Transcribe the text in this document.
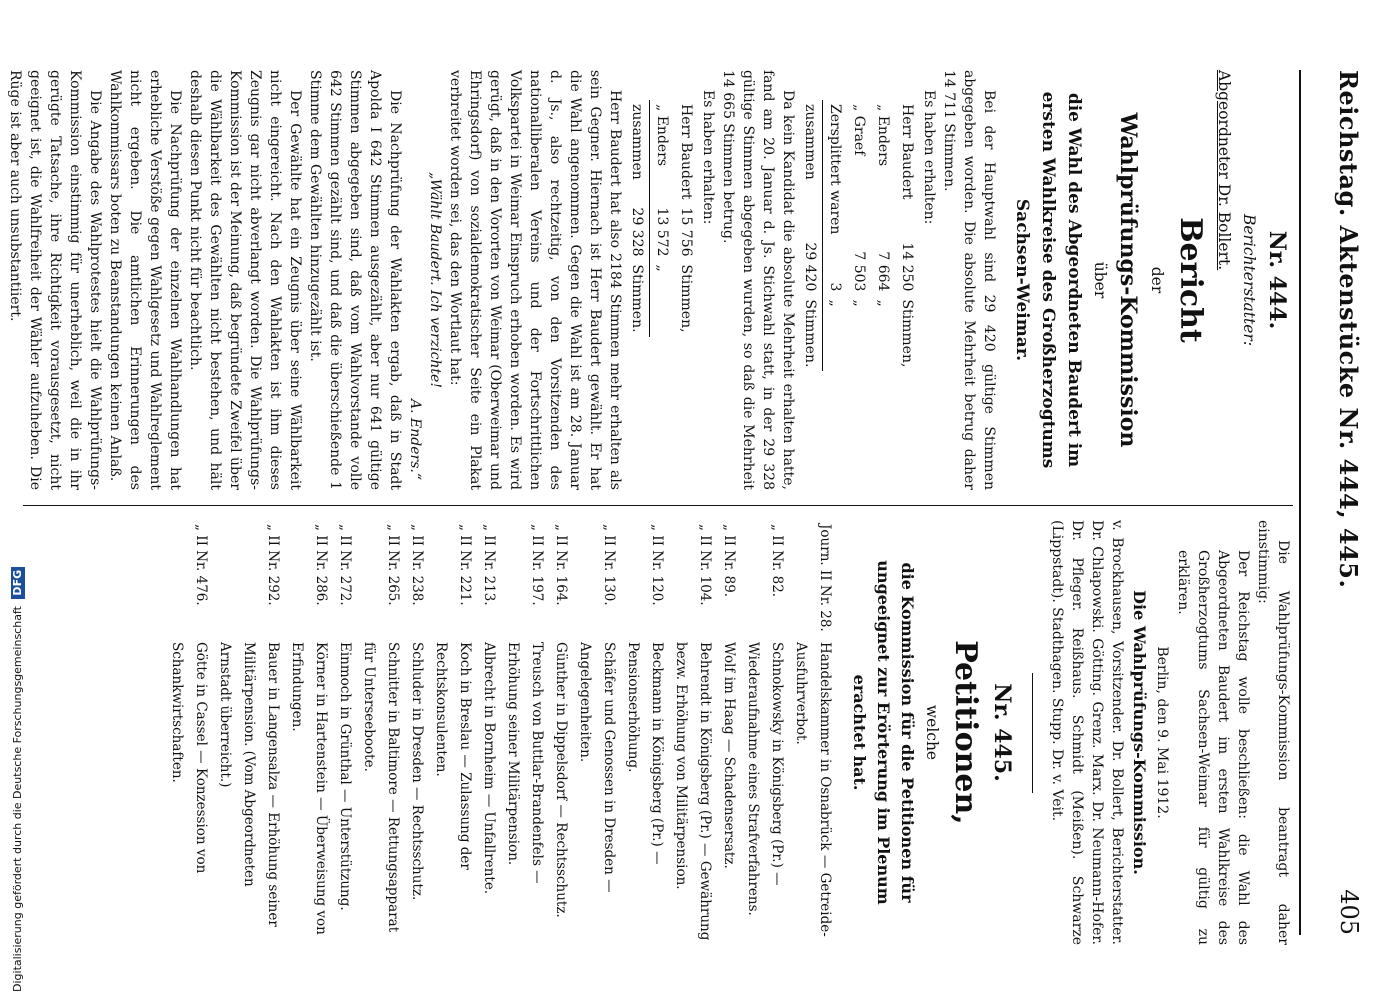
Reichstag. Aktenstücke Nr. 444, 445.
405
Nr. 444.
Berichterstatter:
Abgeordneter Dr. Bollert.
Bericht
der
Wahlprüfungs-Kommission
über
die Wahl des Abgeordneten Baudert im ersten Wahlkreise des Großherzogtums Sachsen-Weimar.
Bei der Hauptwahl sind 29 420 gültige Stimmen abgegeben worden. Die absolute Mehrheit betrug daher 14 711 Stimmen.
Es haben erhalten:
Herr Baudert	14 250	Stimmen,
„ Enders	7 664	„
„ Graef	7 503	„
Zersplittert waren	3	„
zusammen	29 420	Stimmen.
Da kein Kandidat die absolute Mehrheit erhalten hatte, fand am 20. Januar d. Js. Stichwahl statt, in der 29 328 gültige Stimmen abgegeben wurden, so daß die Mehrheit 14 665 Stimmen betrug.
Es haben erhalten:
Herr Baudert	15 756	Stimmen,
„ Enders	13 572	„
zusammen	29 328	Stimmen.
Herr Baudert hat also 2184 Stimmen mehr erhalten als sein Gegner. Hiernach ist Herr Baudert gewählt. Er hat die Wahl angenommen. Gegen die Wahl ist am 28. Januar d. Js., also rechtzeitig, von den Vorsitzenden des nationalliberalen Vereins und der Fortschrittlichen Volkspartei in Weimar Einspruch erhoben worden. Es wird gerügt, daß in den Vororten von Weimar (Oberweimar und Ehringsdorf) von sozialdemokratischer Seite ein Plakat verbreitet worden sei, das den Wortlaut hat:
„Wählt Baudert. Ich verzichte!
A. Enders.“
Die Nachprüfung der Wahlakten ergab, daß in Stadt Apolda I 642 Stimmen ausgezählt, aber nur 641 gültige Stimmen abgegeben sind, daß vom Wahlvorstande volle 642 Stimmen gezählt sind, und daß die überschießende 1 Stimme dem Gewählten hinzugezählt ist.
Der Gewählte hat ein Zeugnis über seine Wählbarkeit nicht eingereicht. Nach den Wahlakten ist ihm dieses Zeugnis gar nicht abverlangt worden. Die Wahlprüfungs-Kommission ist der Meinung, daß begründete Zweifel über die Wählbarkeit des Gewählten nicht bestehen, und hält deshalb diesen Punkt nicht für beachtlich.
Die Nachprüfung der einzelnen Wahlhandlungen hat erhebliche Verstöße gegen Wahlgesetz und Wahlreglement nicht ergeben. Die amtlichen Erinnerungen des Wahlkommissars boten zu Beanstandungen keinen Anlaß.
Die Angabe des Wahlprotestes hielt die Wahlprüfungs-Kommission einstimmig für unerheblich, weil die in ihr gerügte Tatsache, ihre Richtigkeit vorausgesetzt, nicht geeignet ist, die Wahlfreiheit der Wähler aufzuheben. Die Rüge ist aber auch unsubstantiiert.
Die Wahlprüfungs-Kommission beantragt daher einstimmig:
Der Reichstag wolle beschließen: die Wahl des Abgeordneten Baudert im ersten Wahlkreise des Großherzogtums Sachsen-Weimar für gültig zu erklären.
Berlin, den 9. Mai 1912.
Die Wahlprüfungs-Kommission.
v. Brockhausen, Vorsitzender. Dr. Bollert, Berichterstatter. Dr. Chlapowski. Götting. Grenz. Marx. Dr. Neumann-Hofer. Dr. Pfleger. Reißhaus. Schmidt (Meißen). Schwarze (Lippstadt). Stadthagen. Stupp. Dr. v. Veit.
Nr. 445.
Petitionen,
welche
die Kommission für die Petitionen für ungeeignet zur Erörterung im Plenum erachtet hat.
Journ. II Nr. 28.	Handelskammer in Osnabrück — Getreide-Ausfuhrverbot.
„ II Nr. 82.	Schnokowsky in Königsberg (Pr.) — Wiederaufnahme eines Strafverfahrens.
„ II Nr. 89.	Wolf im Haag — Schadensersatz.
„ II Nr. 104.	Behrendt in Königsberg (Pr.) — Gewährung bezw. Erhöhung von Militärpension.
„ II Nr. 120.	Beckmann in Königsberg (Pr.) — Pensionserhöhung.
„ II Nr. 130.	Schäfer und Genossen in Dresden — Angelegenheiten.
„ II Nr. 164.	Günther in Dippelsdorf — Rechtsschutz.
„ II Nr. 197.	Treusch von Buttlar-Brandenfels — Erhöhung seiner Militärpension.
„ II Nr. 213.	Albrecht in Bornheim — Unfallrente.
„ II Nr. 221.	Koch in Breslau — Zulassung der Rechtskonsulenten.
„ II Nr. 238.	Schluder in Dresden — Rechtsschutz.
„ II Nr. 265.	Schnitter in Baltimore — Rettungsapparat für Unterseeboote.
„ II Nr. 272.	Einmoch in Grünthal — Unterstützung.
„ II Nr. 286.	Körner in Hartenstein — Überweisung von Erfindungen.
„ II Nr. 292.	Bauer in Langensalza — Erhöhung seiner Militärpension. (Vom Abgeordneten Arnstadt überreicht.)
„ II Nr. 476.	Götte in Cassel — Konzession von Schankwirtschaften.
Digitalisierung gefördert durch die Deutsche Forschungsgemeinschaft DFG
